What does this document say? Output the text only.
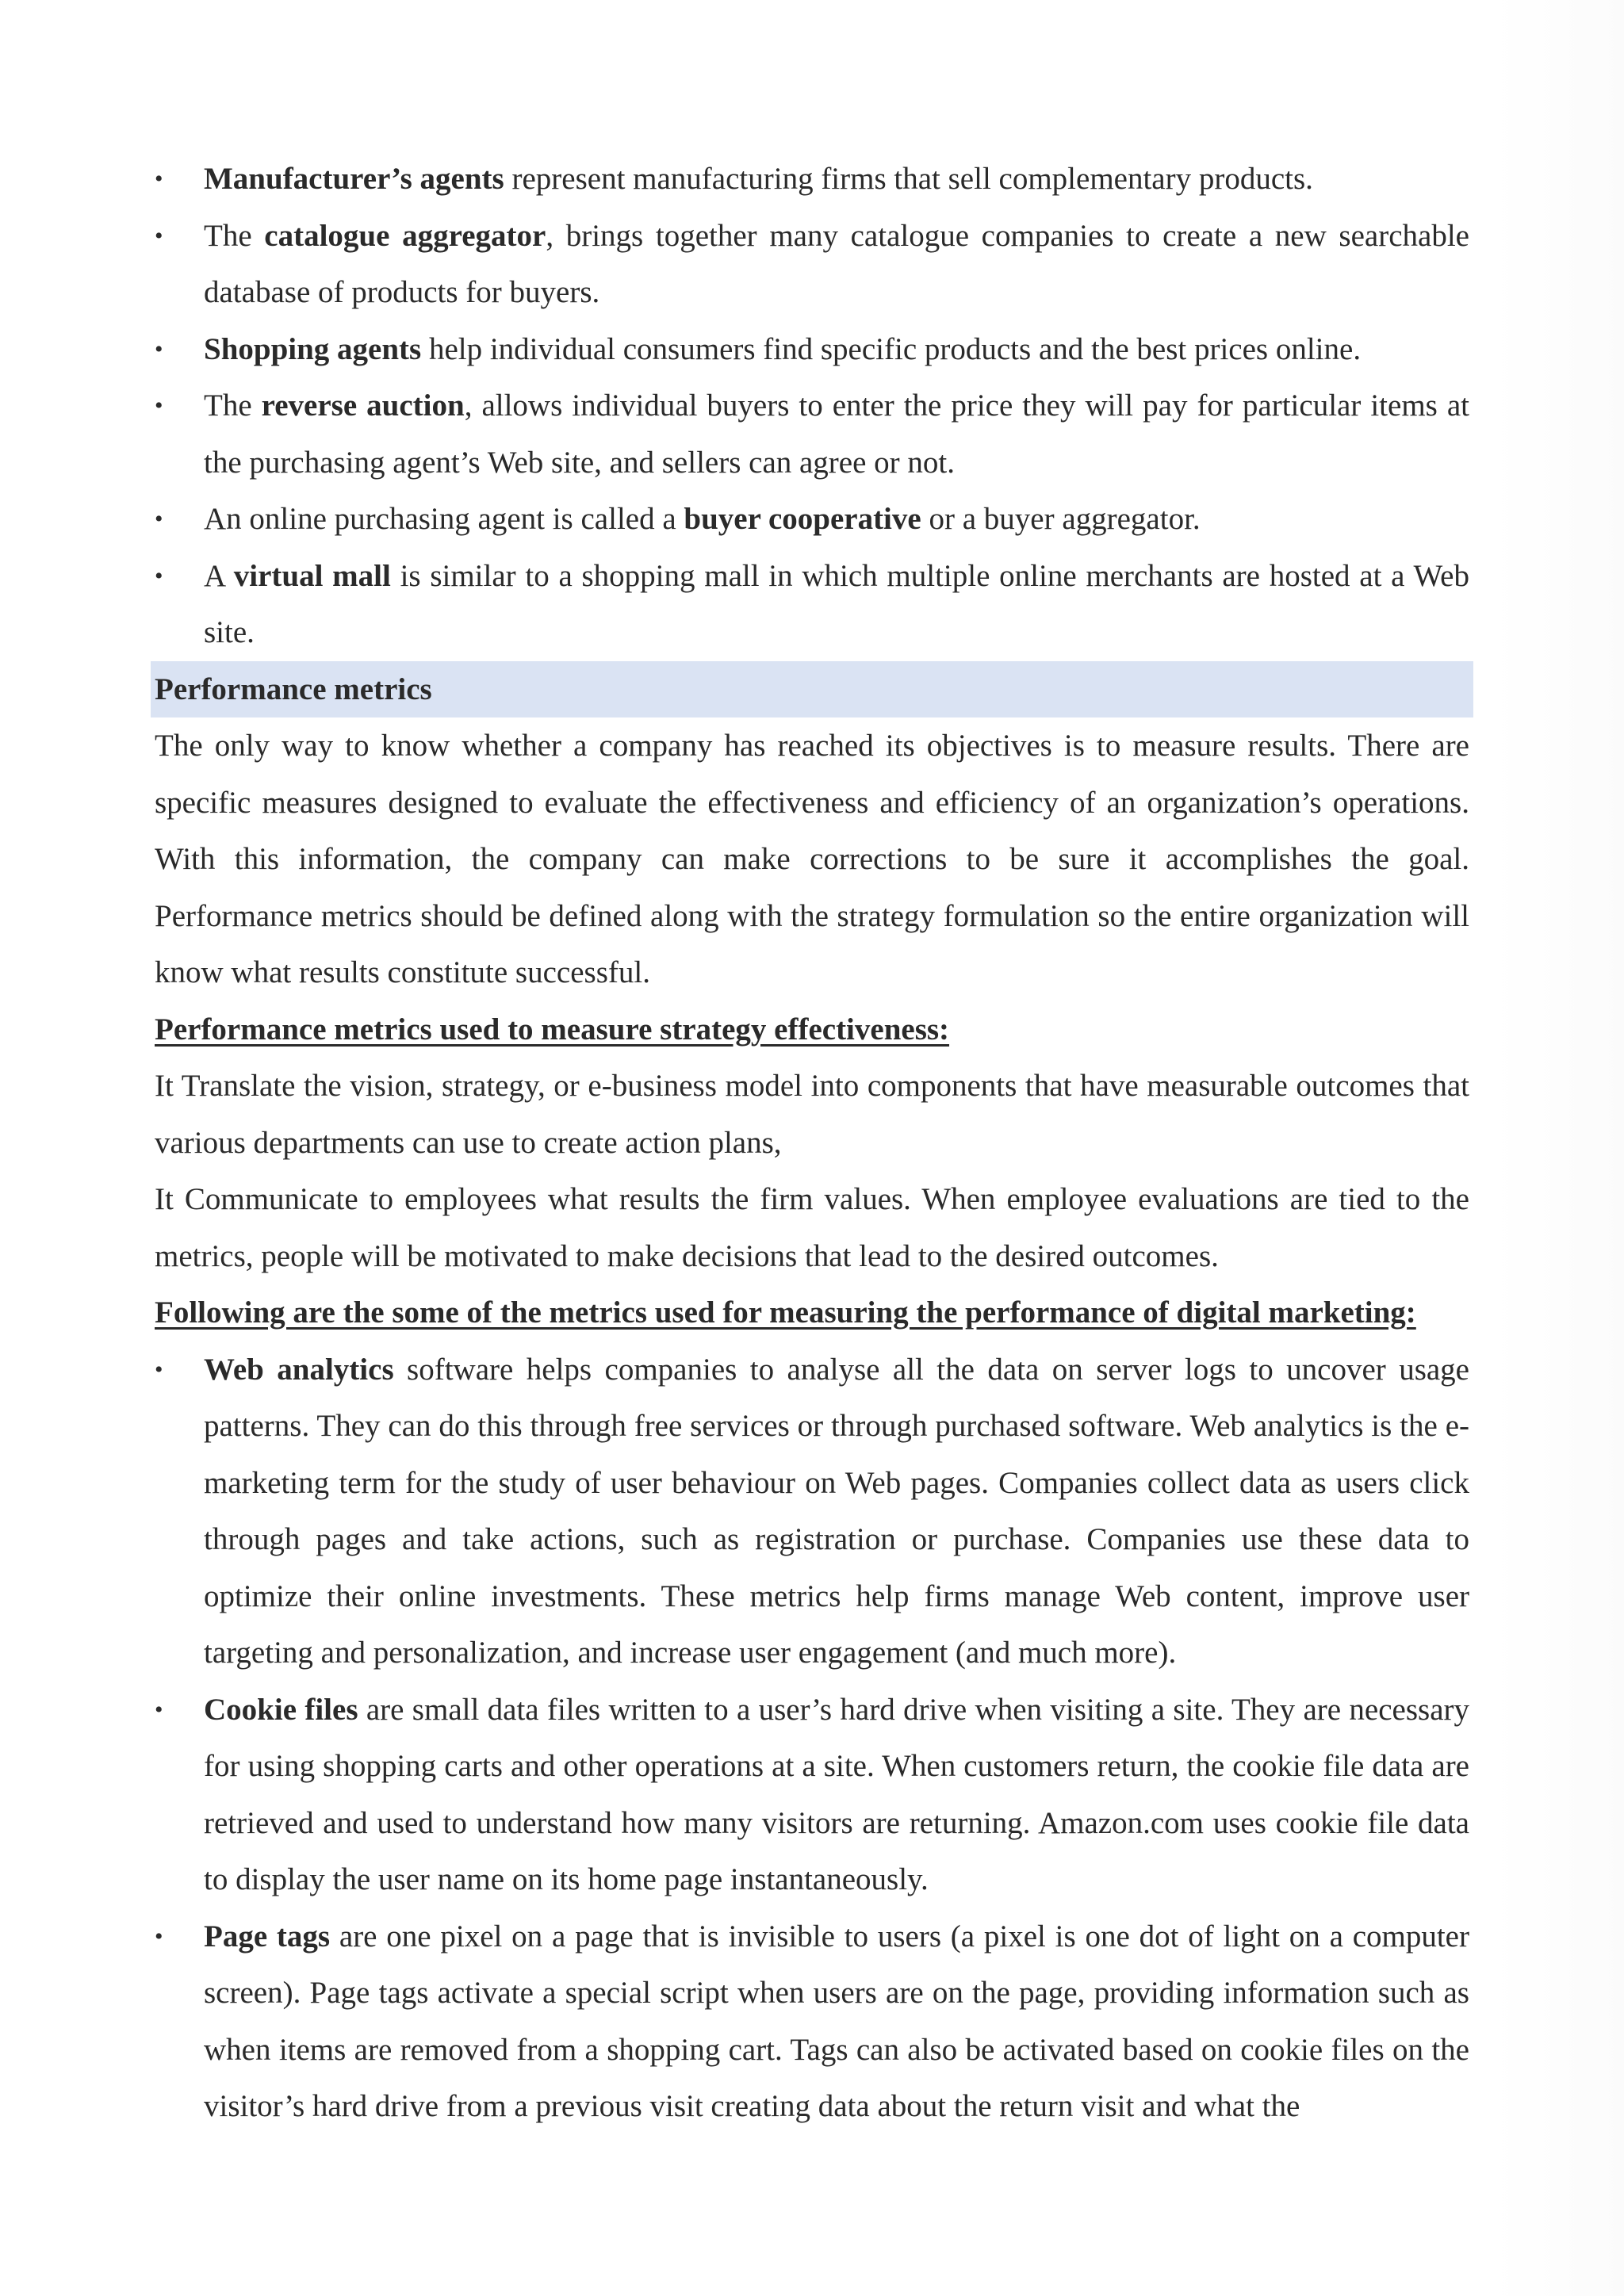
•	Manufacturer’s agents represent manufacturing firms that sell complementary products.
•	The catalogue aggregator, brings together many catalogue companies to create a new searchable database of products for buyers.
•	Shopping agents help individual consumers find specific products and the best prices online.
•	The reverse auction, allows individual buyers to enter the price they will pay for particular items at the purchasing agent’s Web site, and sellers can agree or not.
•	An online purchasing agent is called a buyer cooperative or a buyer aggregator.
•	A virtual mall is similar to a shopping mall in which multiple online merchants are hosted at a Web site.
Performance metrics

The only way to know whether a company has reached its objectives is to measure results. There are specific measures designed to evaluate the effectiveness and efficiency of an organization’s operations. With this information, the company can make corrections to be sure it accomplishes the goal. Performance metrics should be defined along with the strategy formulation so the entire organization will know what results constitute successful.

Performance metrics used to measure strategy effectiveness:

It Translate the vision, strategy, or e-business model into components that have measurable outcomes that various departments can use to create action plans,

It Communicate to employees what results the firm values. When employee evaluations are tied to the metrics, people will be motivated to make decisions that lead to the desired outcomes.

Following are the some of the metrics used for measuring the performance of digital marketing:
•	Web analytics software helps companies to analyse all the data on server logs to uncover usage patterns. They can do this through free services or through purchased software. Web analytics is the e-marketing term for the study of user behaviour on Web pages. Companies collect data as users click through pages and take actions, such as registration or purchase. Companies use these data to optimize their online investments. These metrics help firms manage Web content, improve user targeting and personalization, and increase user engagement (and much more).
•	Cookie files are small data files written to a user’s hard drive when visiting a site. They are necessary for using shopping carts and other operations at a site. When customers return, the cookie file data are retrieved and used to understand how many visitors are returning. Amazon.com uses cookie file data to display the user name on its home page instantaneously.
•	Page tags are one pixel on a page that is invisible to users (a pixel is one dot of light on a computer screen). Page tags activate a special script when users are on the page, providing information such as when items are removed from a shopping cart. Tags can also be activated based on cookie files on the visitor’s hard drive from a previous visit creating data about the return visit and what the
